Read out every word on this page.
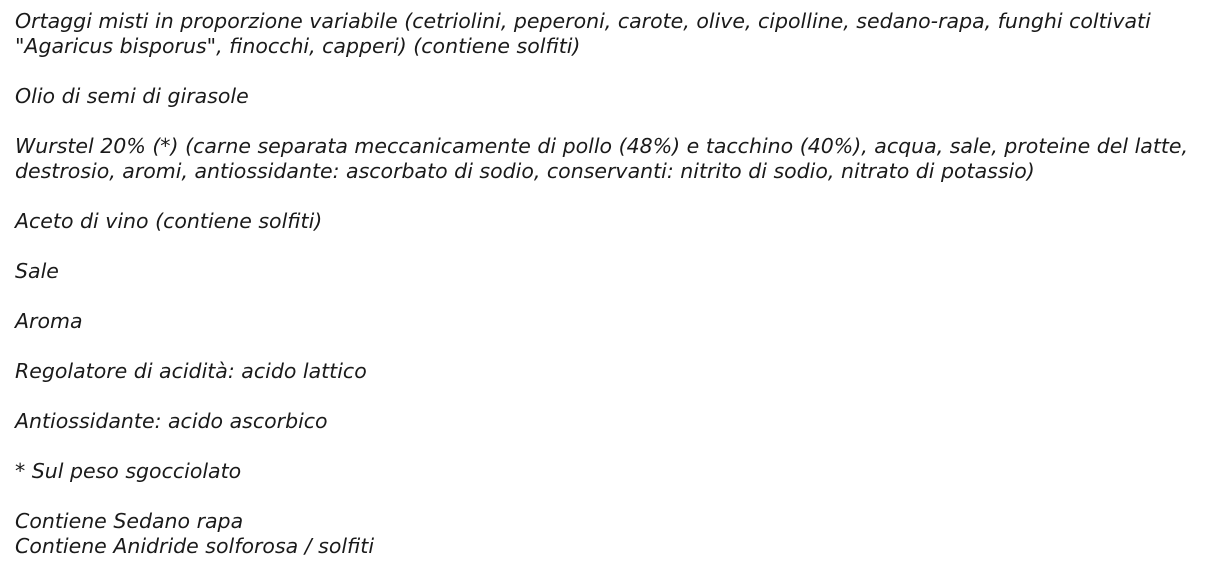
Ortaggi misti in proporzione variabile (cetriolini, peperoni, carote, olive, cipolline, sedano-rapa, funghi coltivati
"Agaricus bisporus", finocchi, capperi) (contiene solfiti)

Olio di semi di girasole

Wurstel 20% (*) (carne separata meccanicamente di pollo (48%) e tacchino (40%), acqua, sale, proteine del latte,
destrosio, aromi, antiossidante: ascorbato di sodio, conservanti: nitrito di sodio, nitrato di potassio)

Aceto di vino (contiene solfiti)

Sale

Aroma

Regolatore di acidità: acido lattico

Antiossidante: acido ascorbico

* Sul peso sgocciolato

Contiene Sedano rapa
Contiene Anidride solforosa / solfiti
